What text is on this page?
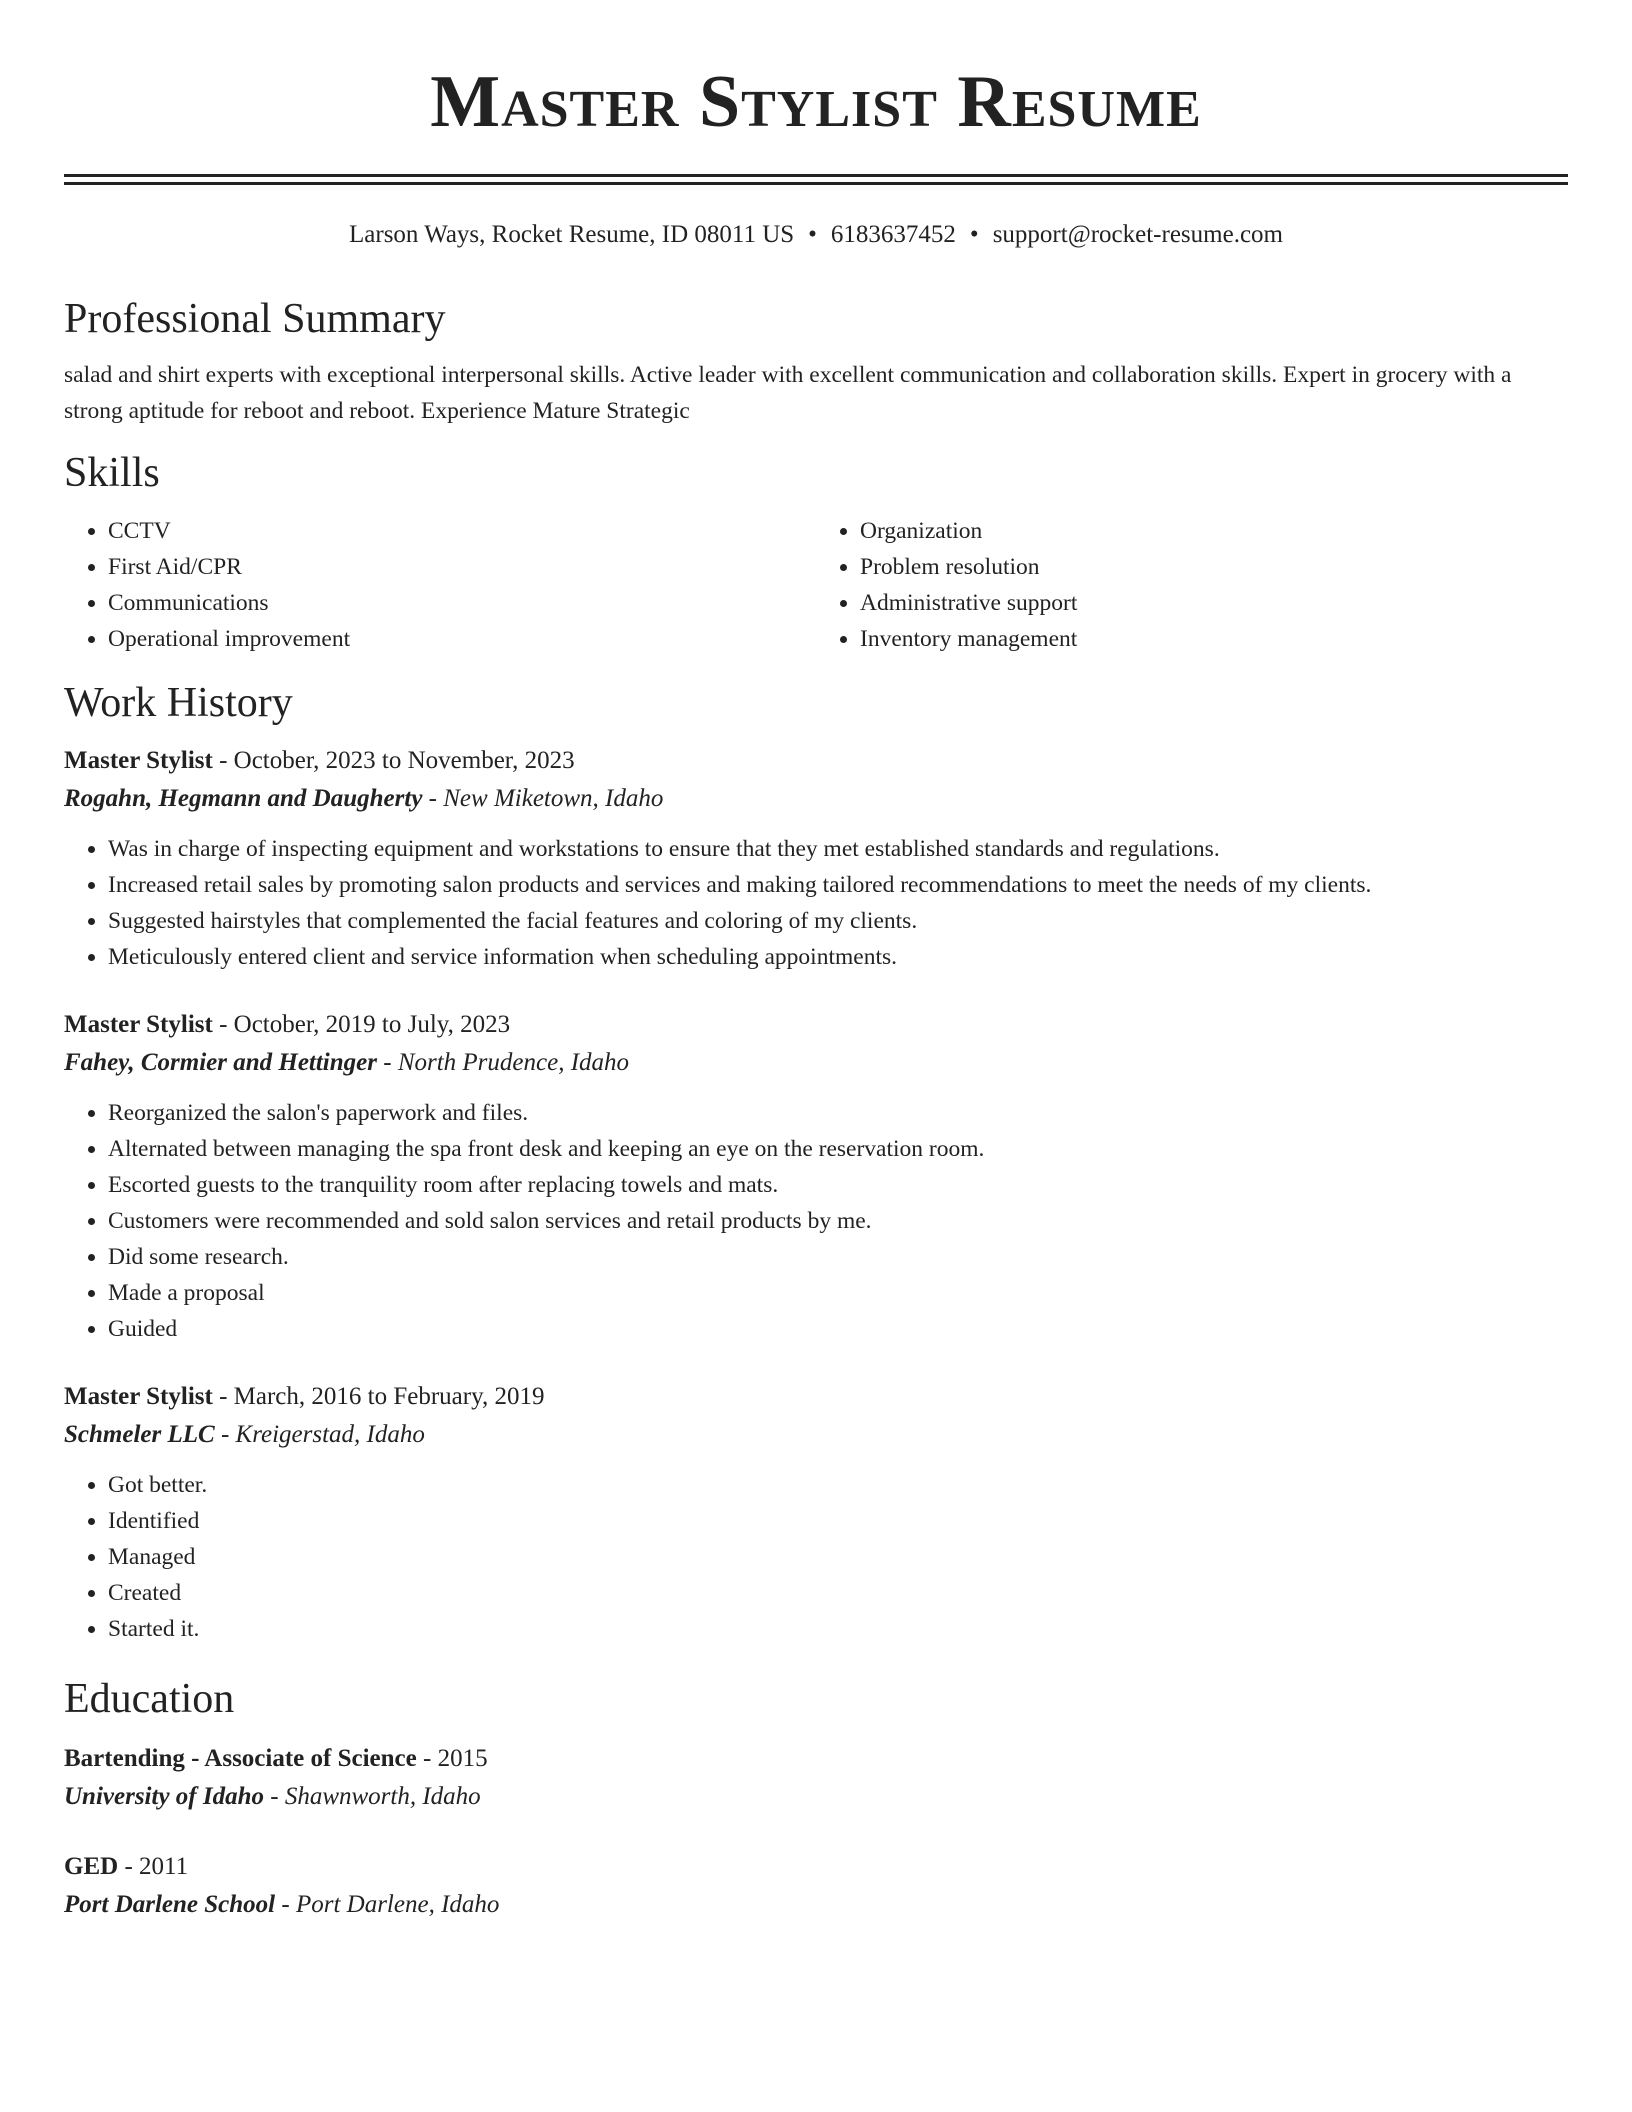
Master Stylist Resume
Larson Ways, Rocket Resume, ID 08011 US • 6183637452 • support@rocket-resume.com
Professional Summary

salad and shirt experts with exceptional interpersonal skills. Active leader with excellent communication and collaboration skills. Expert in grocery with a strong aptitude for reboot and reboot. Experience Mature Strategic

Skills
• CCTV
• First Aid/CPR
• Communications
• Operational improvement
• Organization
• Problem resolution
• Administrative support
• Inventory management
Work History
Master Stylist - October, 2023 to November, 2023
Rogahn, Hegmann and Daugherty - New Miketown, Idaho
• Was in charge of inspecting equipment and workstations to ensure that they met established standards and regulations.
• Increased retail sales by promoting salon products and services and making tailored recommendations to meet the needs of my clients.
• Suggested hairstyles that complemented the facial features and coloring of my clients.
• Meticulously entered client and service information when scheduling appointments.
Master Stylist - October, 2019 to July, 2023
Fahey, Cormier and Hettinger - North Prudence, Idaho
• Reorganized the salon's paperwork and files.
• Alternated between managing the spa front desk and keeping an eye on the reservation room.
• Escorted guests to the tranquility room after replacing towels and mats.
• Customers were recommended and sold salon services and retail products by me.
• Did some research.
• Made a proposal
• Guided
Master Stylist - March, 2016 to February, 2019
Schmeler LLC - Kreigerstad, Idaho
• Got better.
• Identified
• Managed
• Created
• Started it.
Education
Bartending - Associate of Science - 2015
University of Idaho - Shawnworth, Idaho
GED - 2011
Port Darlene School - Port Darlene, Idaho
